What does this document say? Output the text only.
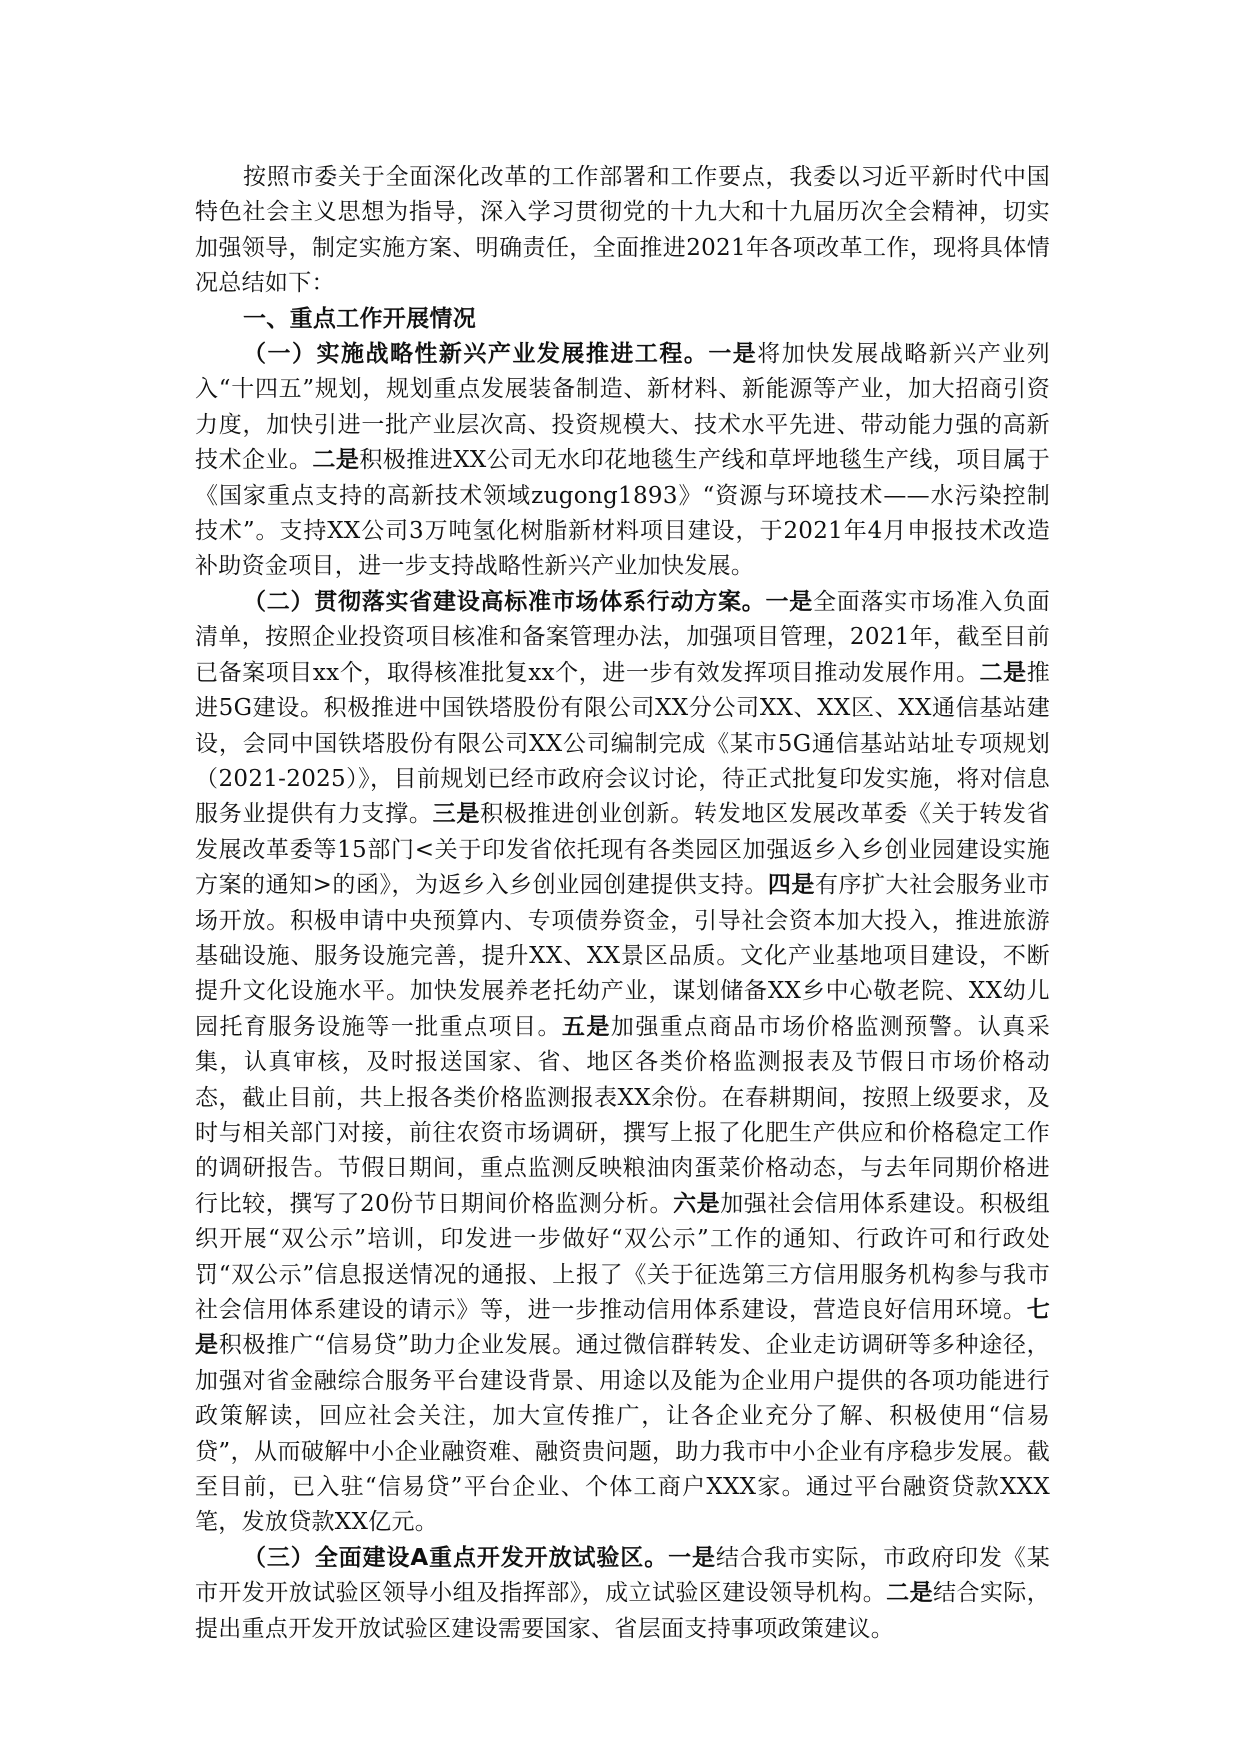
按照市委关于全面深化改革的工作部署和工作要点，我委以习近平新时代中国特色社会主义思想为指导，深入学习贯彻党的十九大和十九届历次全会精神，切实加强领导，制定实施方案、明确责任，全面推进2021年各项改革工作，现将具体情况总结如下：

一、重点工作开展情况

（一）实施战略性新兴产业发展推进工程。一是将加快发展战略新兴产业列入“十四五”规划，规划重点发展装备制造、新材料、新能源等产业，加大招商引资力度，加快引进一批产业层次高、投资规模大、技术水平先进、带动能力强的高新技术企业。二是积极推进XX公司无水印花地毯生产线和草坪地毯生产线，项目属于《国家重点支持的高新技术领域zugong1893》“资源与环境技术——水污染控制技术”。支持XX公司3万吨氢化树脂新材料项目建设，于2021年4月申报技术改造补助资金项目，进一步支持战略性新兴产业加快发展。

（二）贯彻落实省建设高标准市场体系行动方案。一是全面落实市场准入负面清单，按照企业投资项目核准和备案管理办法，加强项目管理，2021年，截至目前已备案项目xx个，取得核准批复xx个，进一步有效发挥项目推动发展作用。二是推进5G建设。积极推进中国铁塔股份有限公司XX分公司XX、XX区、XX通信基站建设，会同中国铁塔股份有限公司XX公司编制完成《某市5G通信基站站址专项规划（2021-2025）》，目前规划已经市政府会议讨论，待正式批复印发实施，将对信息服务业提供有力支撑。三是积极推进创业创新。转发地区发展改革委《关于转发省发展改革委等15部门<关于印发省依托现有各类园区加强返乡入乡创业园建设实施方案的通知>的函》，为返乡入乡创业园创建提供支持。四是有序扩大社会服务业市场开放。积极申请中央预算内、专项债券资金，引导社会资本加大投入，推进旅游基础设施、服务设施完善，提升XX、XX景区品质。文化产业基地项目建设，不断提升文化设施水平。加快发展养老托幼产业，谋划储备XX乡中心敬老院、XX幼儿园托育服务设施等一批重点项目。五是加强重点商品市场价格监测预警。认真采集，认真审核，及时报送国家、省、地区各类价格监测报表及节假日市场价格动态，截止目前，共上报各类价格监测报表XX余份。在春耕期间，按照上级要求，及时与相关部门对接，前往农资市场调研，撰写上报了化肥生产供应和价格稳定工作的调研报告。节假日期间，重点监测反映粮油肉蛋菜价格动态，与去年同期价格进行比较，撰写了20份节日期间价格监测分析。六是加强社会信用体系建设。积极组织开展“双公示”培训，印发进一步做好“双公示”工作的通知、行政许可和行政处罚“双公示”信息报送情况的通报、上报了《关于征选第三方信用服务机构参与我市社会信用体系建设的请示》等，进一步推动信用体系建设，营造良好信用环境。七是积极推广“信易贷”助力企业发展。通过微信群转发、企业走访调研等多种途径，加强对省金融综合服务平台建设背景、用途以及能为企业用户提供的各项功能进行政策解读，回应社会关注，加大宣传推广，让各企业充分了解、积极使用“信易贷”，从而破解中小企业融资难、融资贵问题，助力我市中小企业有序稳步发展。截至目前，已入驻“信易贷”平台企业、个体工商户XXX家。通过平台融资贷款XXX笔，发放贷款XX亿元。

（三）全面建设A重点开发开放试验区。一是结合我市实际，市政府印发《某市开发开放试验区领导小组及指挥部》，成立试验区建设领导机构。二是结合实际，提出重点开发开放试验区建设需要国家、省层面支持事项政策建议。
